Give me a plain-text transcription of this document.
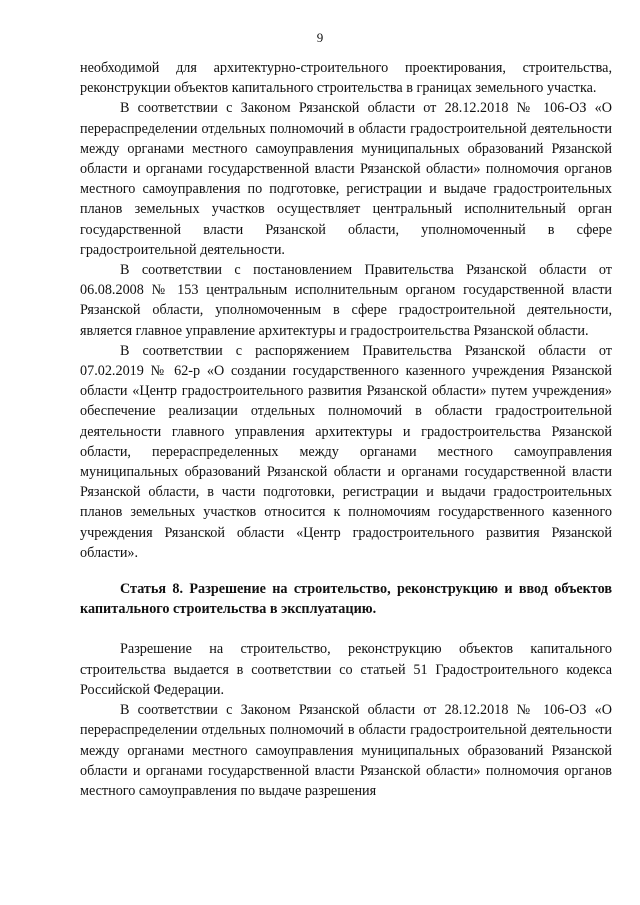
9

необходимой для архитектурно-строительного проектирования, строительства, реконструкции объектов капитального строительства в границах земельного участка.

В соответствии с Законом Рязанской области от 28.12.2018 № 106-ОЗ «О перераспределении отдельных полномочий в области градостроительной деятельности между органами местного самоуправления муниципальных образований Рязанской области и органами государственной власти Рязанской области» полномочия органов местного самоуправления по подготовке, регистрации и выдаче градостроительных планов земельных участков осуществляет центральный исполнительный орган государственной власти Рязанской области, уполномоченный в сфере градостроительной деятельности.

В соответствии с постановлением Правительства Рязанской области от 06.08.2008 № 153 центральным исполнительным органом государственной власти Рязанской области, уполномоченным в сфере градостроительной деятельности, является главное управление архитектуры и градостроительства Рязанской области.

В соответствии с распоряжением Правительства Рязанской области от 07.02.2019 № 62-р «О создании государственного казенного учреждения Рязанской области «Центр градостроительного развития Рязанской области» путем учреждения» обеспечение реализации отдельных полномочий в области градостроительной деятельности главного управления архитектуры и градостроительства Рязанской области, перераспределенных между органами местного самоуправления муниципальных образований Рязанской области и органами государственной власти Рязанской области, в части подготовки, регистрации и выдачи градостроительных планов земельных участков относится к полномочиям государственного казенного учреждения Рязанской области «Центр градостроительного развития Рязанской области».

Статья 8. Разрешение на строительство, реконструкцию и ввод объектов капитального строительства в эксплуатацию.

Разрешение на строительство, реконструкцию объектов капитального строительства выдается в соответствии со статьей 51 Градостроительного кодекса Российской Федерации.

В соответствии с Законом Рязанской области от 28.12.2018 № 106-ОЗ «О перераспределении отдельных полномочий в области градостроительной деятельности между органами местного самоуправления муниципальных образований Рязанской области и органами государственной власти Рязанской области» полномочия органов местного самоуправления по выдаче разрешения
